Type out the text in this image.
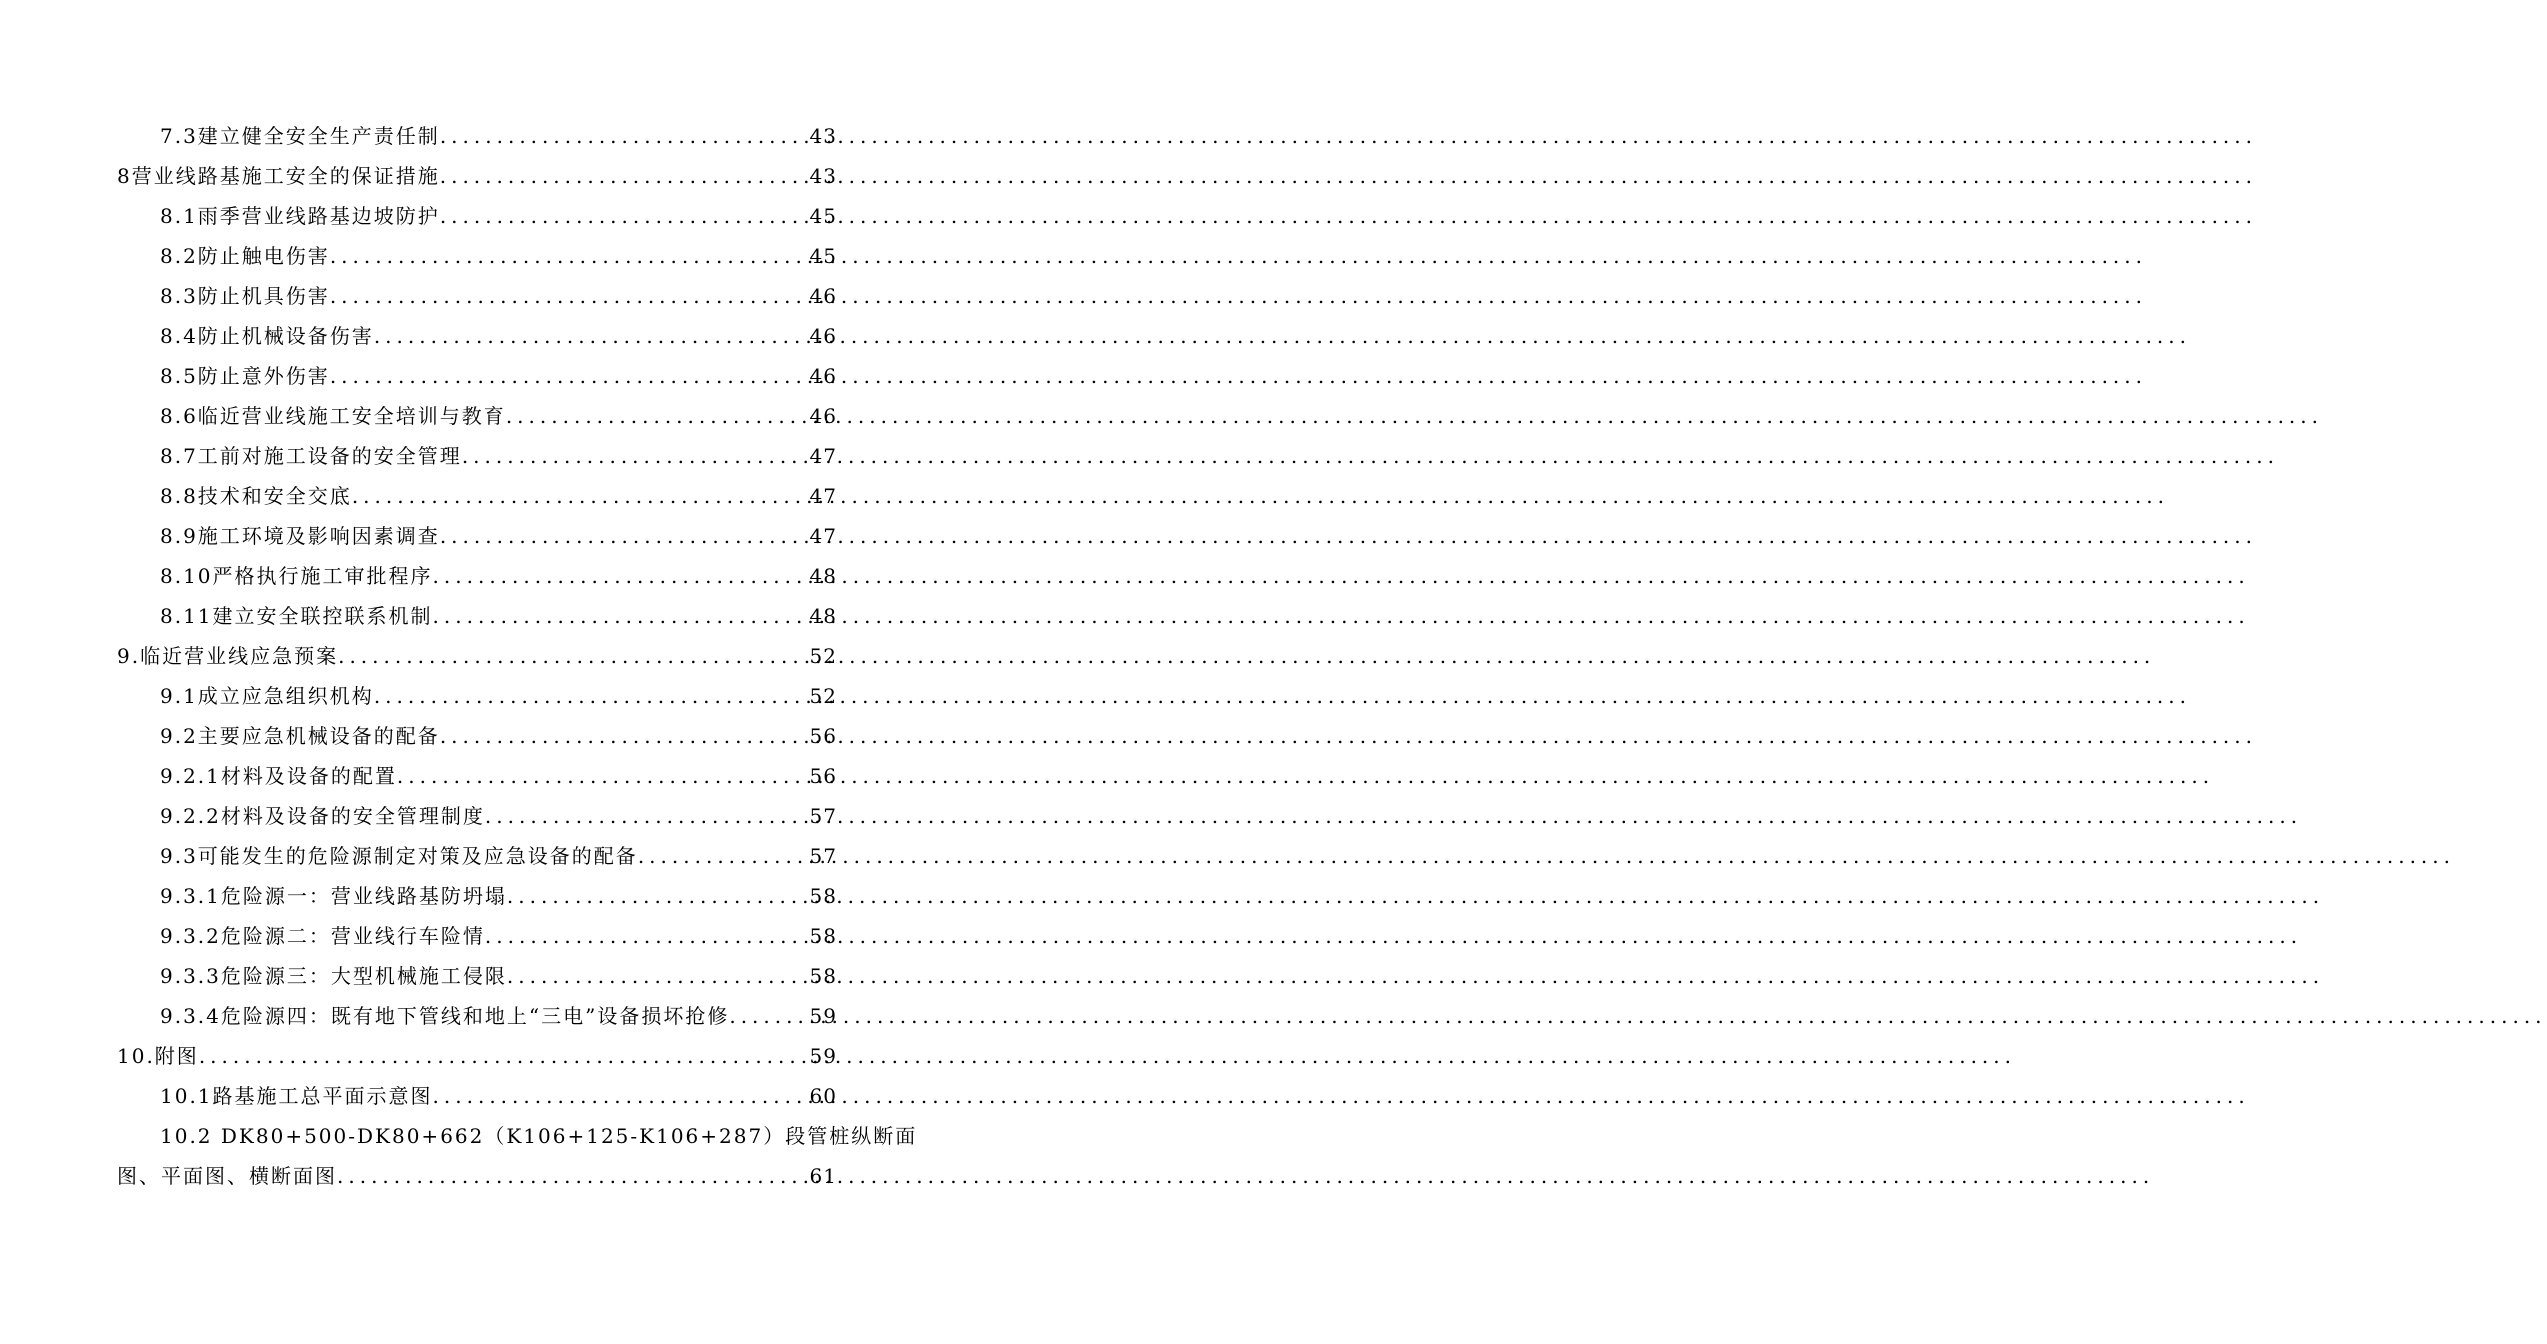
7.3建立健全安全生产责任制 .....	43
8营业线路基施工安全的保证措施 .....	43
8.1雨季营业线路基边坡防护 .....	45
8.2防止触电伤害 .....	45
8.3防止机具伤害 .....	46
8.4防止机械设备伤害 .....	46
8.5防止意外伤害 .....	46
8.6临近营业线施工安全培训与教育 .....	46
8.7工前对施工设备的安全管理 .....	47
8.8技术和安全交底 .....	47
8.9施工环境及影响因素调查 .....	47
8.10严格执行施工审批程序 .....	48
8.11建立安全联控联系机制 .....	48
9.临近营业线应急预案 .....	52
9.1成立应急组织机构 .....	52
9.2主要应急机械设备的配备 .....	56
9.2.1材料及设备的配置 .....	56
9.2.2材料及设备的安全管理制度 .....	57
9.3可能发生的危险源制定对策及应急设备的配备 .....	57
9.3.1危险源一：营业线路基防坍塌 .....	58
9.3.2危险源二：营业线行车险情 .....	58
9.3.3危险源三：大型机械施工侵限 .....	58
9.3.4危险源四：既有地下管线和地上“三电”设备损坏抢修 .....	59
10.附图 .....	59
10.1路基施工总平面示意图 .....	60
10.2 DK80+500-DK80+662（K106+125-K106+287）段管桩纵断面
图、平面图、横断面图 .....	61
